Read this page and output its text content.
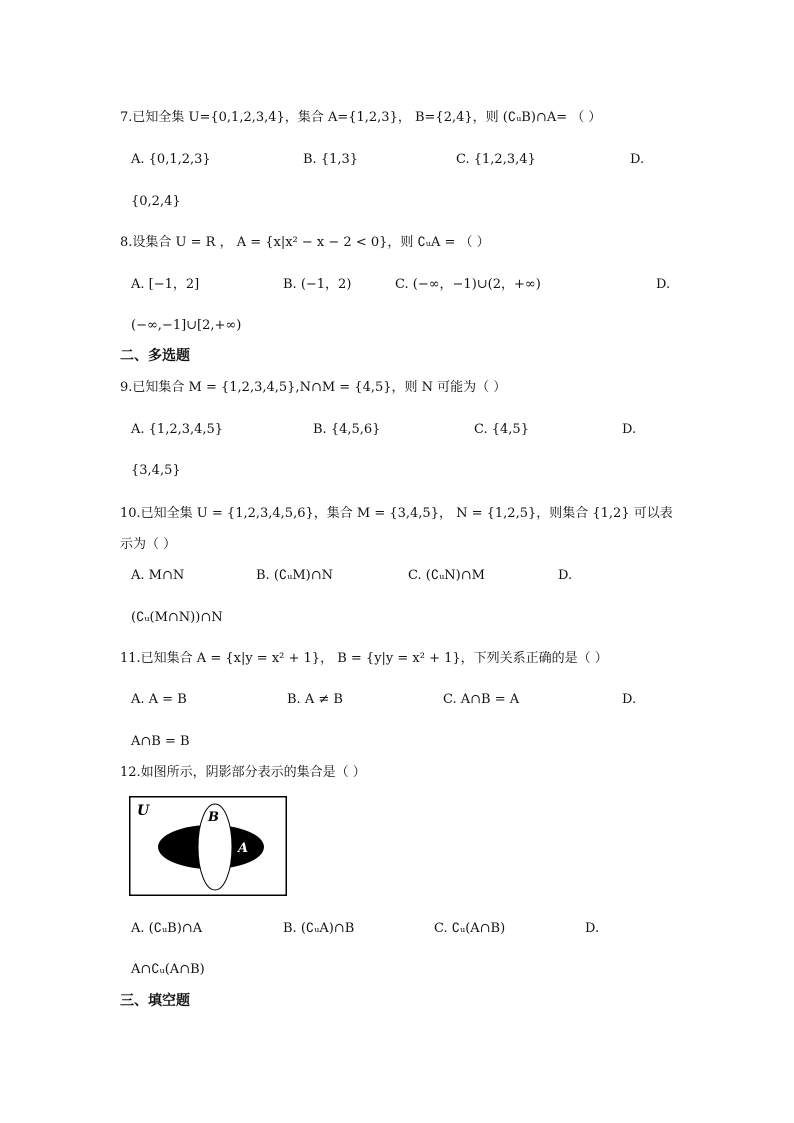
7.已知全集 U={0,1,2,3,4}，集合 A={1,2,3}， B={2,4}，则 (∁ᵤB)∩A= （ ）
A. {0,1,2,3}	B. {1,3}	C. {1,2,3,4}	D.
{0,2,4}
8.设集合 U = R ， A = {x|x² − x − 2 < 0}，则 ∁ᵤA = （ ）
A. [−1，2]	B. (−1，2)	C. (−∞，−1)∪(2，+∞)	D.
(−∞,−1]∪[2,+∞)
二、多选题
9.已知集合 M = {1,2,3,4,5},N∩M = {4,5}，则 N 可能为（ ）
A. {1,2,3,4,5}	B. {4,5,6}	C. {4,5}	D.
{3,4,5}
10.已知全集 U = {1,2,3,4,5,6}，集合 M = {3,4,5}， N = {1,2,5}，则集合 {1,2} 可以表
示为（ ）
A. M∩N	B. (∁ᵤM)∩N	C. (∁ᵤN)∩M	D.
(∁ᵤ(M∩N))∩N
11.已知集合 A = {x|y = x² + 1}， B = {y|y = x² + 1}，下列关系正确的是（ ）
A. A = B	B. A ≠ B	C. A∩B = A	D.
A∩B = B
12.如图所示，阴影部分表示的集合是（ ）
U	B
A
A. (∁ᵤB)∩A	B. (∁ᵤA)∩B	C. ∁ᵤ(A∩B)	D.
A∩∁ᵤ(A∩B)
三、填空题
